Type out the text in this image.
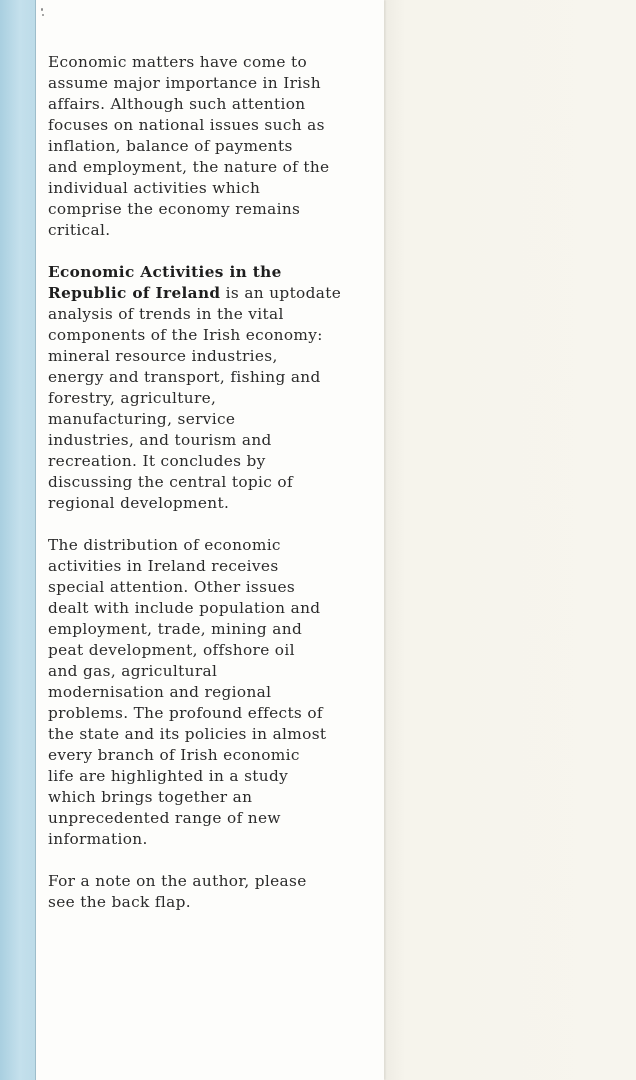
Economic matters have come to
assume major importance in Irish
affairs. Although such attention
focuses on national issues such as
inflation, balance of payments
and employment, the nature of the
individual activities which
comprise the economy remains
critical.

Economic Activities in the
Republic of Ireland is an uptodate
analysis of trends in the vital
components of the Irish economy:
mineral resource industries,
energy and transport, fishing and
forestry, agriculture,
manufacturing, service
industries, and tourism and
recreation. It concludes by
discussing the central topic of
regional development.

The distribution of economic
activities in Ireland receives
special attention. Other issues
dealt with include population and
employment, trade, mining and
peat development, offshore oil
and gas, agricultural
modernisation and regional
problems. The profound effects of
the state and its policies in almost
every branch of Irish economic
life are highlighted in a study
which brings together an
unprecedented range of new
information.

For a note on the author, please
see the back flap.
